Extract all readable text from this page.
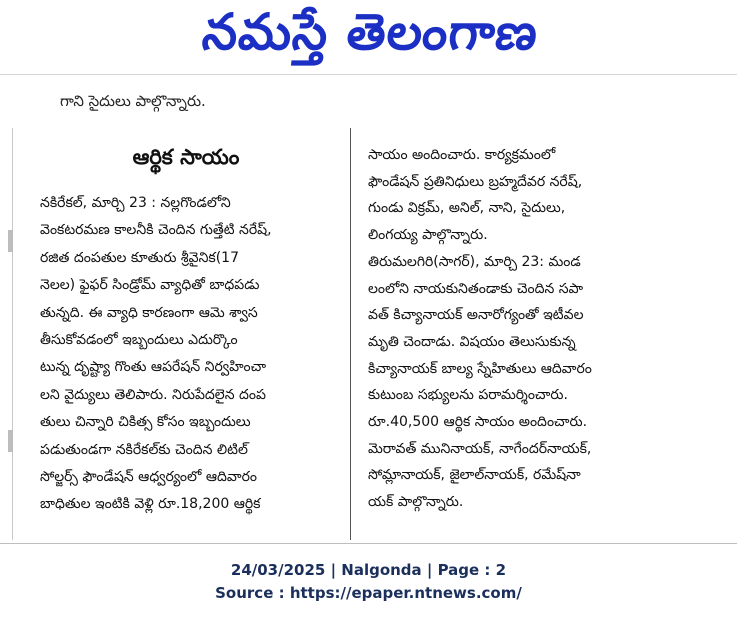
నమస్తే తెలంగాణ
గాని సైదులు పాల్గొన్నారు.
ఆర్థిక సాయం
నకిరేకల్, మార్చి 23 : నల్లగొండలోని
వెంకటరమణ కాలనీకి చెందిన గుత్తేటి నరేష్,
రజిత దంపతుల కూతురు శ్రీవైనిక(17
నెలల) ఫైఫర్ సిండ్రోమ్ వ్యాధితో బాధపడు
తున్నది. ఈ వ్యాధి కారణంగా ఆమె శ్వాస
తీసుకోవడంలో ఇబ్బందులు ఎదుర్కొం
టున్న దృష్ట్యా గొంతు ఆపరేషన్ నిర్వహించా
లని వైద్యులు తెలిపారు. నిరుపేదలైన దంప
తులు చిన్నారి చికిత్స కోసం ఇబ్బందులు
పడుతుండగా నకిరేకల్‌కు చెందిన లిటిల్
సోల్జర్స్ ఫౌండేషన్ ఆధ్వర్యంలో ఆదివారం
బాధితుల ఇంటికి వెళ్లి రూ.18,200 ఆర్థిక
సాయం అందించారు. కార్యక్రమంలో
ఫౌండేషన్ ప్రతినిధులు బ్రహ్మదేవర నరేష్,
గుండు విక్రమ్, అనిల్, నాని, సైదులు,
లింగయ్య పాల్గొన్నారు.
తిరుమలగిరి(సాగర్), మార్చి 23: మండ
లంలోని నాయకునితండాకు చెందిన సపా
వత్ కిచ్యానాయక్ అనారోగ్యంతో ఇటీవల
మృతి చెందాడు. విషయం తెలుసుకున్న
కిచ్యానాయక్ బాల్య స్నేహితులు ఆదివారం
కుటుంబ సభ్యులను పరామర్శించారు.
రూ.40,500 ఆర్థిక సాయం అందించారు.
మెరావత్ మునినాయక్, నాగేందర్‌నాయక్,
సోమ్లానాయక్, జైలాల్‌నాయక్, రమేష్‌నా
యక్ పాల్గొన్నారు.
24/03/2025 | Nalgonda | Page : 2
Source : https://epaper.ntnews.com/
